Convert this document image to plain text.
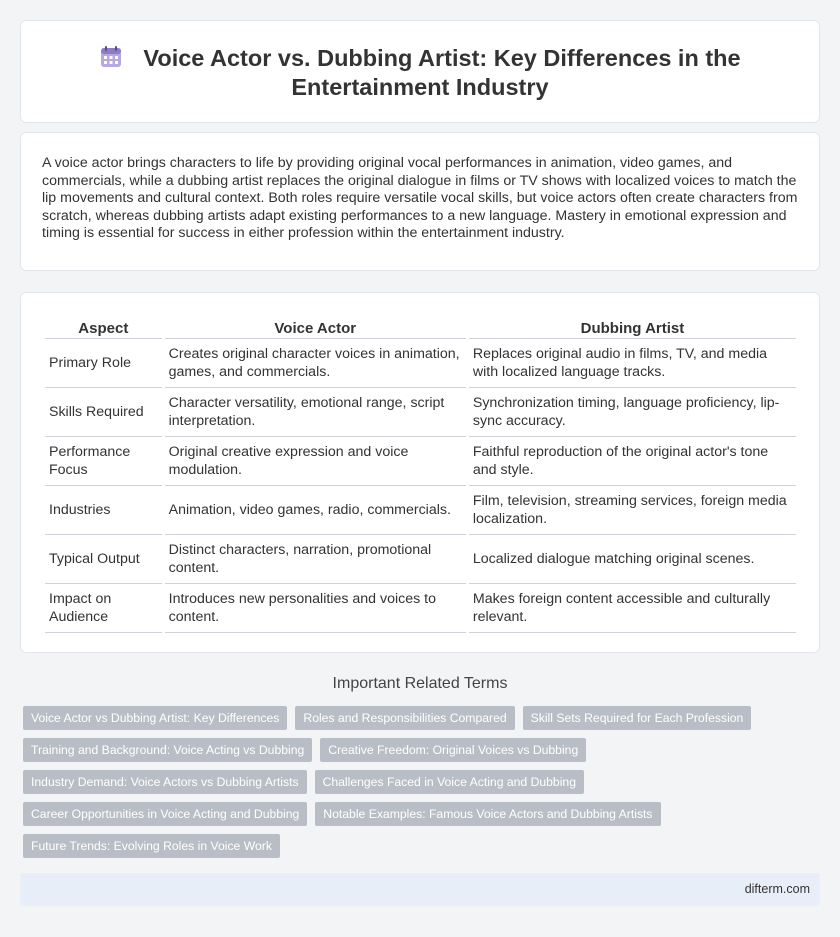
Voice Actor vs. Dubbing Artist: Key Differences in the Entertainment Industry

A voice actor brings characters to life by providing original vocal performances in animation, video games, and commercials, while a dubbing artist replaces the original dialogue in films or TV shows with localized voices to match the lip movements and cultural context. Both roles require versatile vocal skills, but voice actors often create characters from scratch, whereas dubbing artists adapt existing performances to a new language. Mastery in emotional expression and timing is essential for success in either profession within the entertainment industry.

Aspect	Voice Actor	Dubbing Artist
Primary Role	Creates original character voices in animation, games, and commercials.	Replaces original audio in films, TV, and media with localized language tracks.
Skills Required	Character versatility, emotional range, script interpretation.	Synchronization timing, language proficiency, lip-sync accuracy.
Performance Focus	Original creative expression and voice modulation.	Faithful reproduction of the original actor's tone and style.
Industries	Animation, video games, radio, commercials.	Film, television, streaming services, foreign media localization.
Typical Output	Distinct characters, narration, promotional content.	Localized dialogue matching original scenes.
Impact on Audience	Introduces new personalities and voices to content.	Makes foreign content accessible and culturally relevant.
Important Related Terms
Voice Actor vs Dubbing Artist: Key Differences	Roles and Responsibilities Compared	Skill Sets Required for Each Profession
Training and Background: Voice Acting vs Dubbing	Creative Freedom: Original Voices vs Dubbing
Industry Demand: Voice Actors vs Dubbing Artists	Challenges Faced in Voice Acting and Dubbing
Career Opportunities in Voice Acting and Dubbing	Notable Examples: Famous Voice Actors and Dubbing Artists
Future Trends: Evolving Roles in Voice Work
difterm.com
